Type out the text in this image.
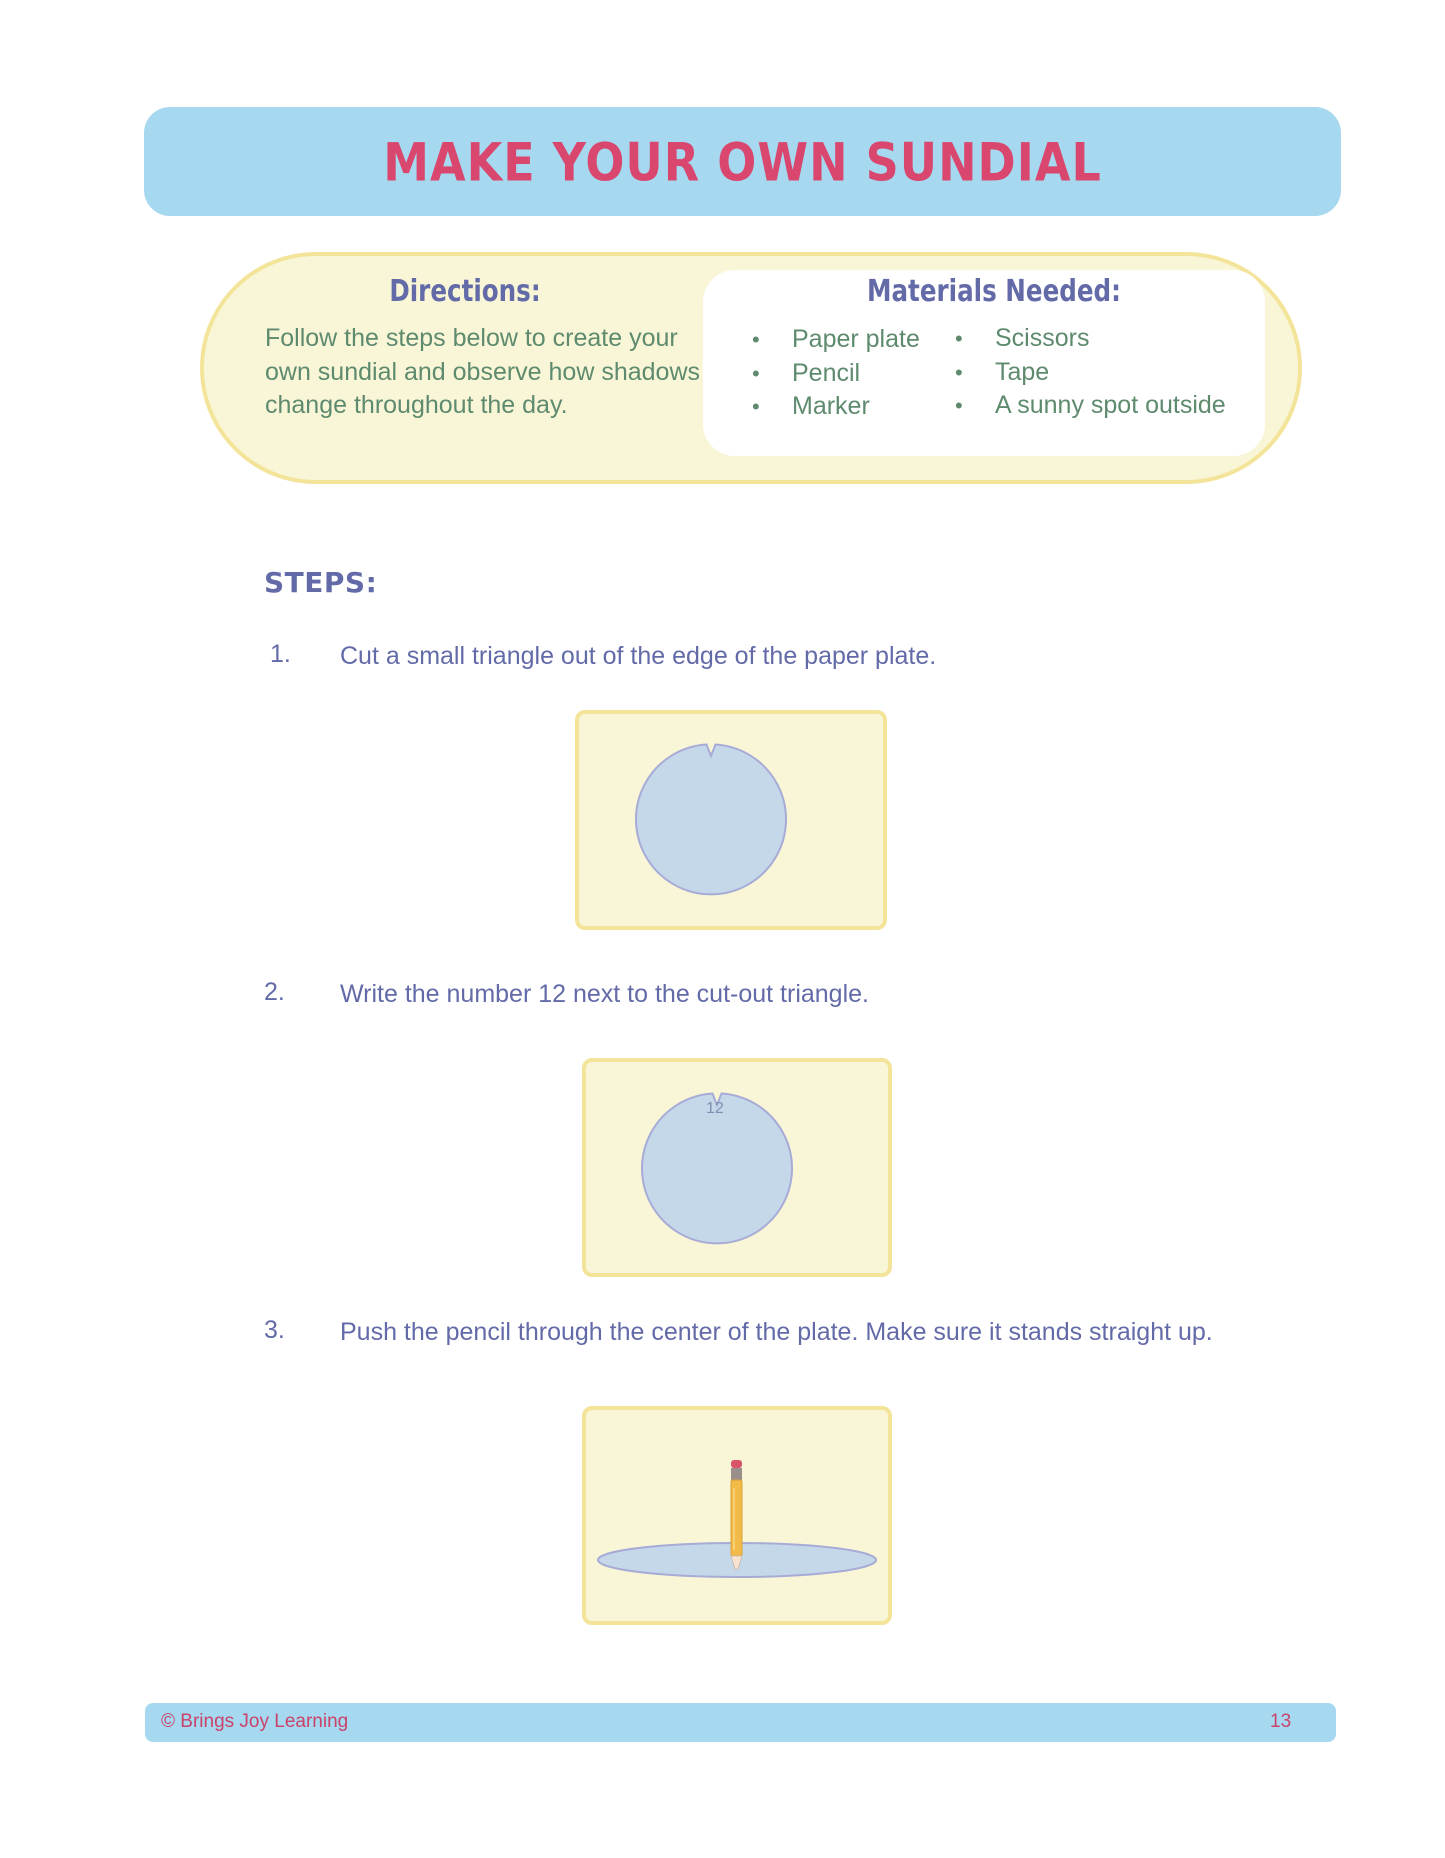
MAKE YOUR OWN SUNDIAL
Directions:
Follow the steps below to create your own sundial and observe how shadows change throughout the day.
Materials Needed:
• Paper plate
• Pencil
• Marker
• Scissors
• Tape
• A sunny spot outside
STEPS:
1. Cut a small triangle out of the edge of the paper plate.
2. Write the number 12 next to the cut-out triangle.
12
3. Push the pencil through the center of the plate. Make sure it stands straight up.
© Brings Joy Learning	13
